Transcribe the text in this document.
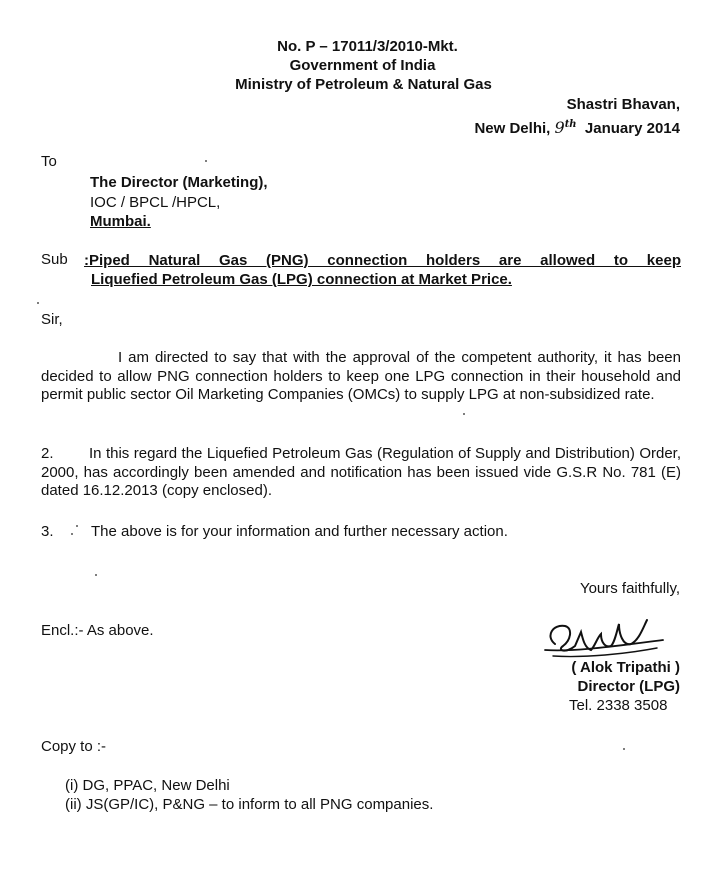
No. P – 17011/3/2010-Mkt.
Government of India
Ministry of Petroleum & Natural Gas
Shastri Bhavan,
New Delhi, 9th January 2014
To
The Director (Marketing),
IOC / BPCL /HPCL,
Mumbai.
Sub :Piped Natural Gas (PNG) connection holders are allowed to keep
Liquefied Petroleum Gas (LPG) connection at Market Price.
Sir,
I am directed to say that with the approval of the competent authority, it has been decided to allow PNG connection holders to keep one LPG connection in their household and permit public sector Oil Marketing Companies (OMCs) to supply LPG at non-subsidized rate.
2. In this regard the Liquefied Petroleum Gas (Regulation of Supply and Distribution) Order, 2000, has accordingly been amended and notification has been issued vide G.S.R No. 781 (E) dated 16.12.2013 (copy enclosed).
3. The above is for your information and further necessary action.
Yours faithfully,
Encl.:- As above.
( Alok Tripathi )
Director (LPG)
Tel. 2338 3508
Copy to :-
(i) DG, PPAC, New Delhi
(ii) JS(GP/IC), P&NG – to inform to all PNG companies.
